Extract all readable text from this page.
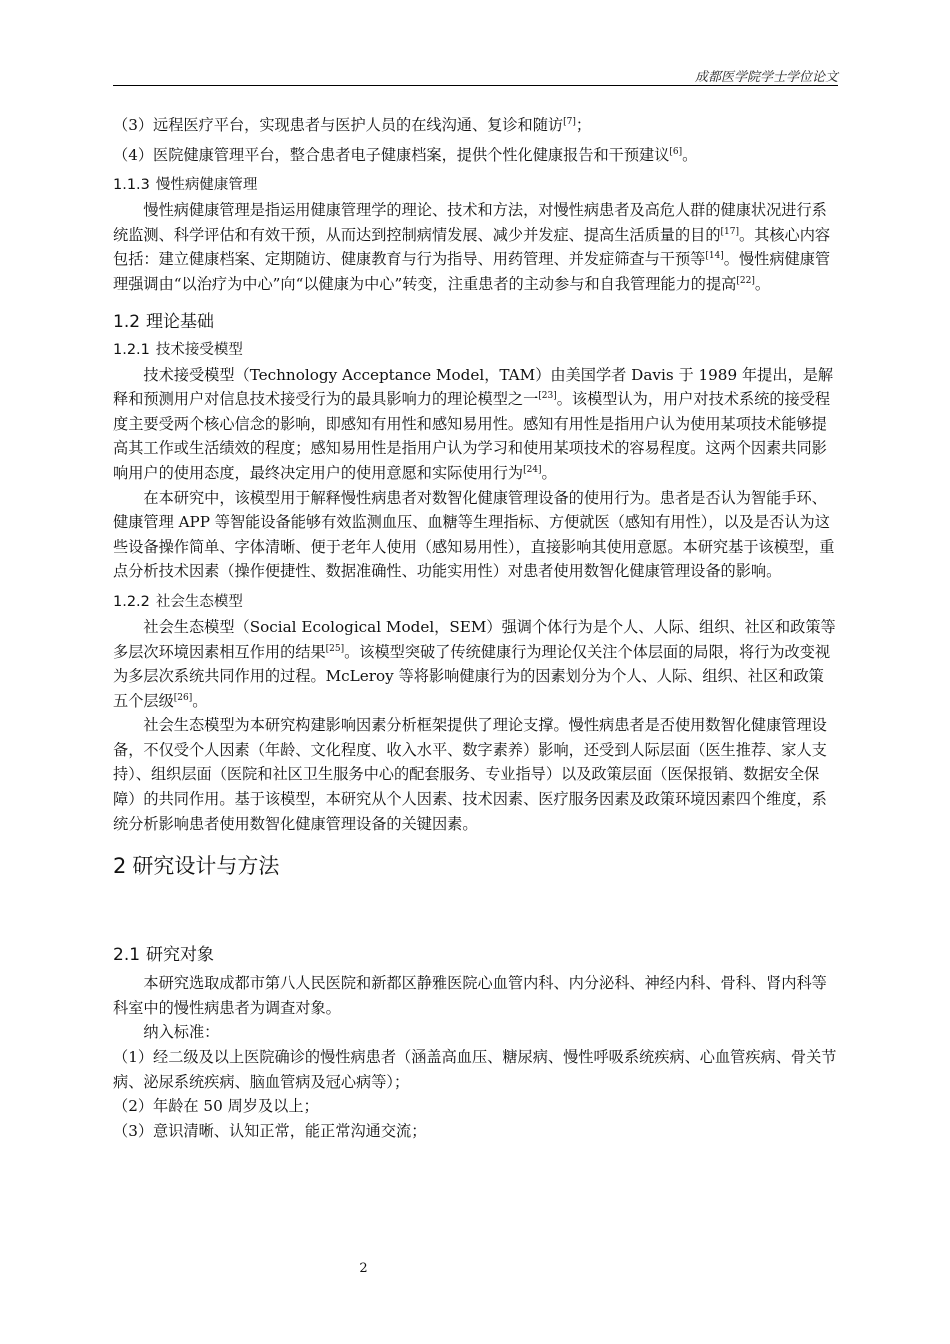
成都医学院学士学位论文

（3）远程医疗平台，实现患者与医护人员的在线沟通、复诊和随访[7]；

（4）医院健康管理平台，整合患者电子健康档案，提供个性化健康报告和干预建议[6]。

1.1.3 慢性病健康管理

慢性病健康管理是指运用健康管理学的理论、技术和方法，对慢性病患者及高危人群的健康状况进行系统监测、科学评估和有效干预，从而达到控制病情发展、减少并发症、提高生活质量的目的[17]。其核心内容包括：建立健康档案、定期随访、健康教育与行为指导、用药管理、并发症筛查与干预等[14]。慢性病健康管理强调由“以治疗为中心”向“以健康为中心”转变，注重患者的主动参与和自我管理能力的提高[22]。

1.2 理论基础
1.2.1 技术接受模型

技术接受模型（Technology Acceptance Model，TAM）由美国学者 Davis 于 1989 年提出，是解释和预测用户对信息技术接受行为的最具影响力的理论模型之一[23]。该模型认为，用户对技术系统的接受程度主要受两个核心信念的影响，即感知有用性和感知易用性。感知有用性是指用户认为使用某项技术能够提高其工作或生活绩效的程度；感知易用性是指用户认为学习和使用某项技术的容易程度。这两个因素共同影响用户的使用态度，最终决定用户的使用意愿和实际使用行为[24]。

在本研究中，该模型用于解释慢性病患者对数智化健康管理设备的使用行为。患者是否认为智能手环、健康管理 APP 等智能设备能够有效监测血压、血糖等生理指标、方便就医（感知有用性），以及是否认为这些设备操作简单、字体清晰、便于老年人使用（感知易用性），直接影响其使用意愿。本研究基于该模型，重点分析技术因素（操作便捷性、数据准确性、功能实用性）对患者使用数智化健康管理设备的影响。

1.2.2 社会生态模型

社会生态模型（Social Ecological Model，SEM）强调个体行为是个人、人际、组织、社区和政策等多层次环境因素相互作用的结果[25]。该模型突破了传统健康行为理论仅关注个体层面的局限，将行为改变视为多层次系统共同作用的过程。McLeroy 等将影响健康行为的因素划分为个人、人际、组织、社区和政策五个层级[26]。

社会生态模型为本研究构建影响因素分析框架提供了理论支撑。慢性病患者是否使用数智化健康管理设备，不仅受个人因素（年龄、文化程度、收入水平、数字素养）影响，还受到人际层面（医生推荐、家人支持）、组织层面（医院和社区卫生服务中心的配套服务、专业指导）以及政策层面（医保报销、数据安全保障）的共同作用。基于该模型，本研究从个人因素、技术因素、医疗服务因素及政策环境因素四个维度，系统分析影响患者使用数智化健康管理设备的关键因素。

2 研究设计与方法
2.1 研究对象

本研究选取成都市第八人民医院和新都区静雅医院心血管内科、内分泌科、神经内科、骨科、肾内科等科室中的慢性病患者为调查对象。

纳入标准：

（1）经二级及以上医院确诊的慢性病患者（涵盖高血压、糖尿病、慢性呼吸系统疾病、心血管疾病、骨关节病、泌尿系统疾病、脑血管病及冠心病等）；

（2）年龄在 50 周岁及以上；

（3）意识清晰、认知正常，能正常沟通交流；

2
